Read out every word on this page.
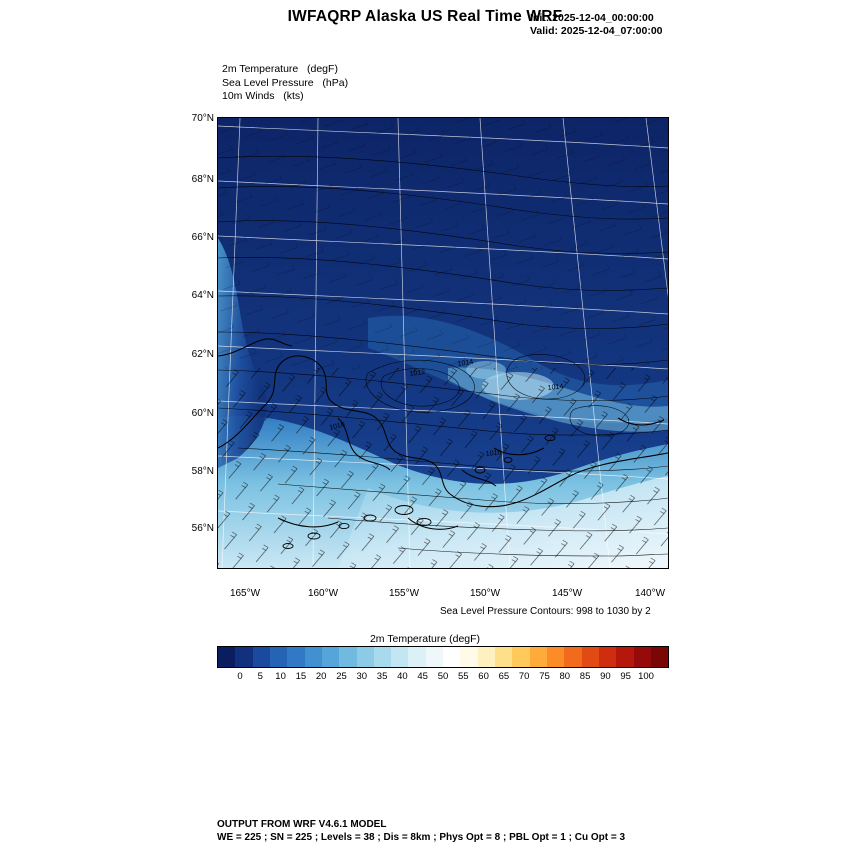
IWFAQRP Alaska US Real Time WRF
Init: 2025-12-04_00:00:00
Valid: 2025-12-04_07:00:00
2m Temperature   (degF)
Sea Level Pressure   (hPa)
10m Winds   (kts)
70°N
68°N
66°N
64°N
62°N
60°N
58°N
56°N
165°W	160°W	155°W	150°W	145°W	140°W
Sea Level Pressure Contours: 998 to 1030 by 2
2m Temperature (degF)
0 5 10 15 20 25 30 35 40 45 50 55 60 65 70 75 80 85 90 95 100
OUTPUT FROM WRF V4.6.1 MODEL
WE = 225 ; SN = 225 ; Levels = 38 ; Dis = 8km ; Phys Opt = 8 ; PBL Opt = 1 ; Cu Opt = 3
